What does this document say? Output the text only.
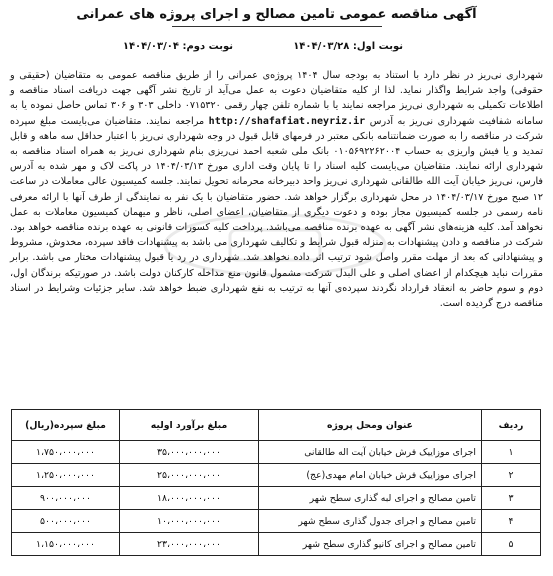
آگهی مناقصه عمومی تامین مصالح و اجرای پروژه های عمرانی
نوبت اول: ۱۴۰۴/۰۳/۲۸
نوبت دوم: ۱۴۰۴/۰۳/۰۴

شهرداری نی‌ریز در نظر دارد با استناد به بودجه سال ۱۴۰۴ پروژه‌ی عمرانی را از طریق مناقصه عمومی به متقاضیان (حقیقی و حقوقی) واجد شرایط واگذار نماید. لذا از کلیه متقاضیان دعوت به عمل می‌آید از تاریخ نشر آگهی جهت دریافت اسناد مناقصه و اطلاعات تکمیلی به شهرداری نی‌ریز مراجعه نمایند یا با شماره تلفن چهار رقمی ۰۷۱۵۳۲۰ داخلی ۳۰۳ و ۳۰۶ تماس حاصل نموده یا به سامانه شفافیت شهرداری نی‌ریز به آدرس http://shafafiat.neyriz.ir مراجعه نمایند. متقاضیان می‌بایست مبلغ سپرده شرکت در مناقصه را به صورت ضمانتنامه بانکی معتبر در فرمهای قابل قبول در وجه شهرداری نی‌ریز با اعتبار حداقل سه ماهه و قابل تمدید و یا فیش واریزی به حساب ۰۱۰۵۶۹۲۲۶۲۰۰۴ بانک ملی شعبه احمد نی‌ریزی بنام شهرداری نی‌ریز به همراه اسناد مناقصه به شهرداری ارائه نمایند. متقاضیان می‌بایست کلیه اسناد را تا پایان وقت اداری مورخ ۱۴۰۴/۰۳/۱۳ در پاکت لاک و مهر شده به آدرس فارس، نی‌ریز خیابان آیت الله طالقانی شهرداری نی‌ریز واحد دبیرخانه محرمانه تحویل نمایند. جلسه کمیسیون عالی معاملات در ساعت ۱۲ صبح مورخ ۱۴۰۴/۰۳/۱۷ در محل شهرداری برگزار خواهد شد. حضور متقاضیان با یک نفر به نمایندگی از طرف آنها با ارائه معرفی نامه رسمی در جلسه کمیسیون مجاز بوده و دعوت دیگری از متقاضیان، اعضای اصلی، ناظر و میهمان کمیسیون معاملات به عمل نخواهد آمد. کلیه هزینه‌های نشر آگهی به عهده برنده مناقصه می‌باشد. پرداخت کلیه کسورات قانونی به عهده برنده مناقصه خواهد بود. شرکت در مناقصه و دادن پیشنهادات به منزله قبول شرایط و تکالیف شهرداری می باشد به پیشنهادات فاقد سپرده، مخدوش، مشروط و پیشنهاداتی که بعد از مهلت مقرر واصل شود ترتیب اثر داده نخواهد شد. شهرداری در رد یا قبول پیشنهادات مختار می باشد. برابر مقررات نباید هیچکدام از اعضای اصلی و علی البدل شرکت مشمول قانون منع مداخله کارکنان دولت باشد. در صورتیکه برندگان اول، دوم و سوم حاضر به انعقاد قرارداد نگردند سپرده‌ی آنها به ترتیب به نفع شهرداری ضبط خواهد شد. سایر جزئیات وشرایط در اسناد مناقصه درج گردیده است.

ردیف	عنوان ومحل پروژه	مبلغ برآورد اولیه	مبلغ سپرده(ریال)
۱	اجرای موزاییک فرش خیابان آیت اله طالقانی	۳۵،۰۰۰،۰۰۰،۰۰۰	۱،۷۵۰،۰۰۰،۰۰۰
۲	اجرای موزاییک فرش خیابان امام مهدی(عج)	۲۵،۰۰۰،۰۰۰،۰۰۰	۱،۲۵۰،۰۰۰،۰۰۰
۳	تامین مصالح و اجرای لبه گذاری سطح شهر	۱۸،۰۰۰،۰۰۰،۰۰۰	۹۰۰،۰۰۰،۰۰۰
۴	تامین مصالح و اجرای جدول گذاری سطح شهر	۱۰،۰۰۰،۰۰۰،۰۰۰	۵۰۰،۰۰۰،۰۰۰
۵	تامین مصالح و اجرای کانیو گذاری سطح شهر	۲۳،۰۰۰،۰۰۰،۰۰۰	۱،۱۵۰،۰۰۰،۰۰۰
